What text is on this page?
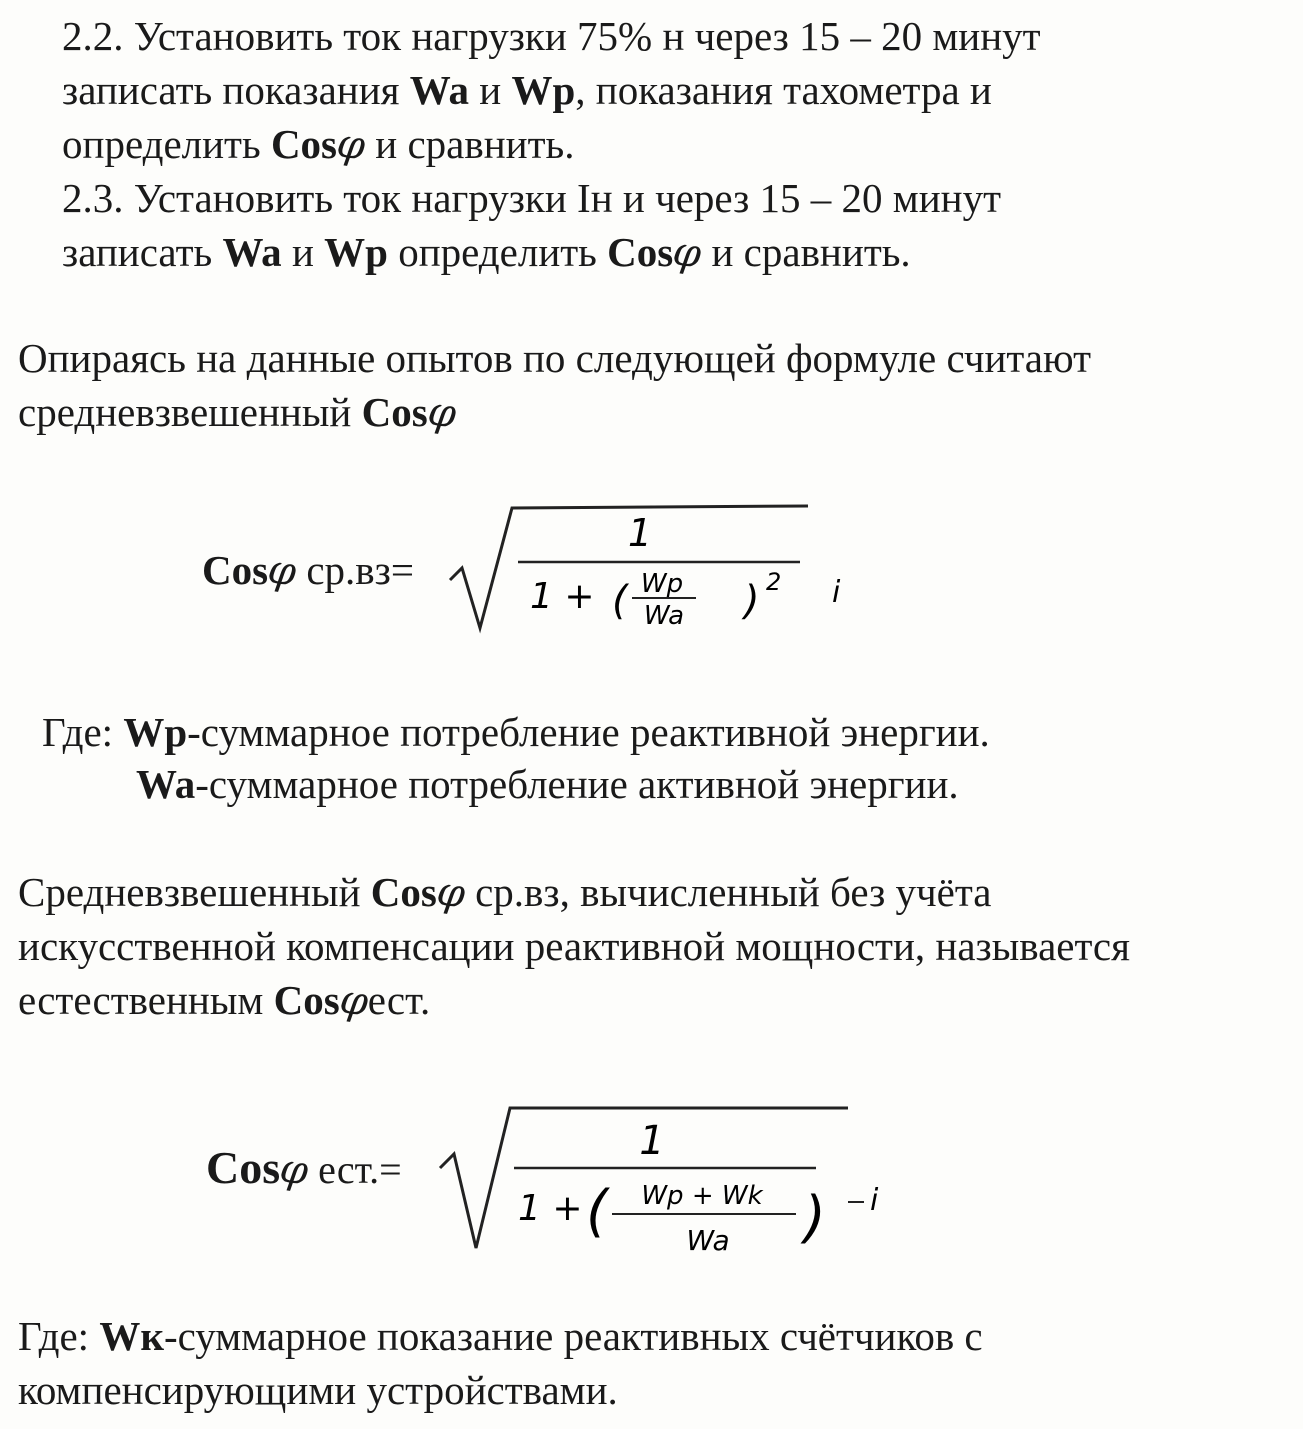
2.2. Установить ток нагрузки 75% н через 15 – 20 минут
записать показания Wa и Wp, показания тахометра и
определить Cosφ и сравнить.
2.3. Установить ток нагрузки Iн и через 15 – 20 минут
записать Wa и Wp определить Cosφ и сравнить.
Опираясь на данные опытов по следующей формуле считают
средневзвешенный Cosφ
Cosφ ср.вз=
1
1 + ( Wp
Wa ) 2 i
Где: Wp-суммарное потребление реактивной энергии.
Wa-суммарное потребление активной энергии.
Средневзвешенный Cosφ ср.вз, вычисленный без учёта
искусственной компенсации реактивной мощности, называется
естественным Cosφест.
Cosφ ест.=
1
1 + ( Wp + Wk
Wa ) i
Где: Wк-суммарное показание реактивных счётчиков с
компенсирующими устройствами.
